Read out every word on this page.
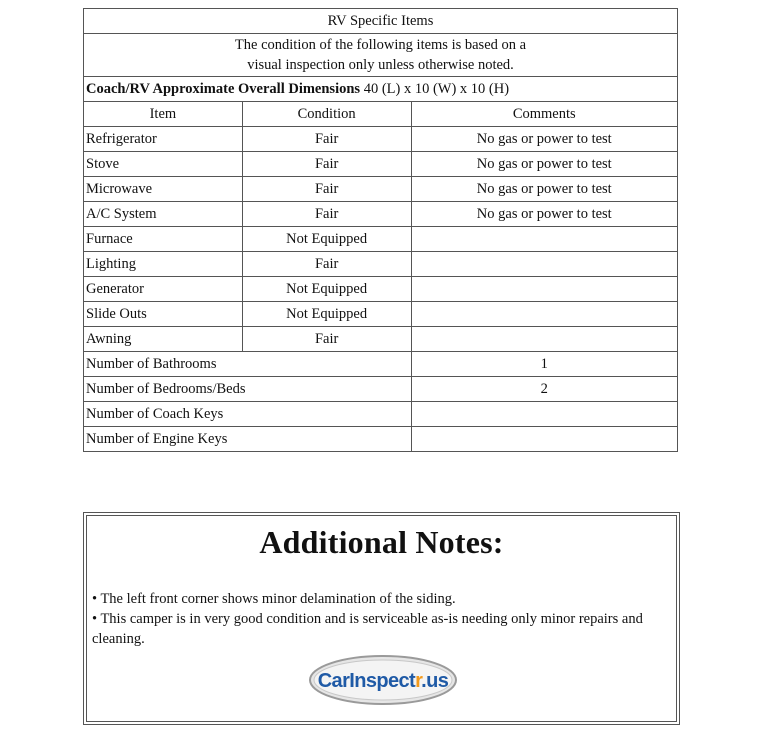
RV Specific Items		
The condition of the following items is based on a
visual inspection only unless otherwise noted.		
Coach/RV Approximate Overall Dimensions 40 (L) x 10 (W) x 10 (H)		
Item	Condition	Comments
Refrigerator	Fair	No gas or power to test
Stove	Fair	No gas or power to test
Microwave	Fair	No gas or power to test
A/C System	Fair	No gas or power to test
Furnace	Not Equipped	
Lighting	Fair	
Generator	Not Equipped	
Slide Outs	Not Equipped	
Awning	Fair	
Number of Bathrooms		1
Number of Bedrooms/Beds		2
Number of Coach Keys		
Number of Engine Keys		
Additional Notes:
• The left front corner shows minor delamination of the siding.
• This camper is in very good condition and is serviceable as-is needing only minor repairs and cleaning.
CarInspectr.us
